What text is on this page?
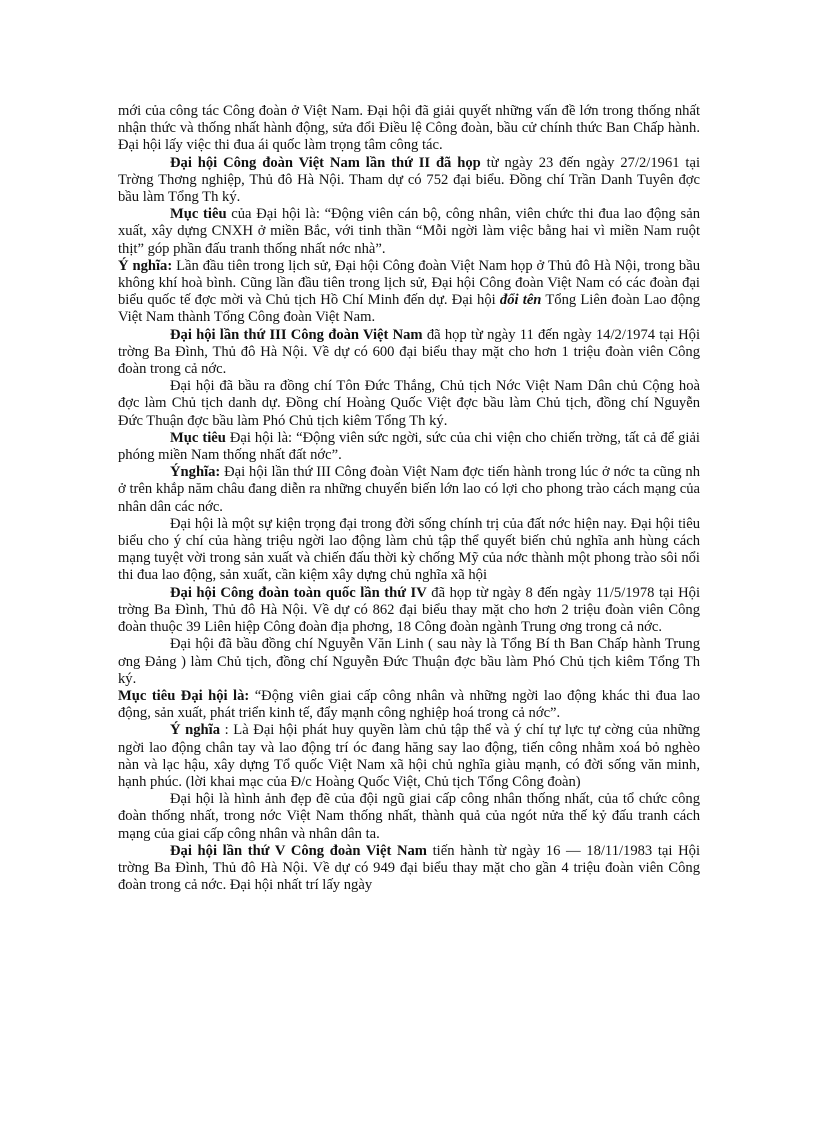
mới của công tác Công đoàn ở Việt Nam. Đại hội đã giải quyết những vấn đề lớn trong thống nhất nhận thức và thống nhất hành động, sửa đổi Điều lệ Công đoàn, bầu cử chính thức Ban Chấp hành. Đại hội lấy việc thi đua ái quốc làm trọng tâm công tác.

Đại hội Công đoàn Việt Nam lần thứ II đã họp từ ngày 23 đến ngày 27/2/1961 tại Trờng Thơng nghiệp, Thủ đô Hà Nội. Tham dự có 752 đại biểu. Đồng chí Trần Danh Tuyên đợc bầu làm Tổng Th ký.

Mục tiêu của Đại hội là: “Động viên cán bộ, công nhân, viên chức thi đua lao động sản xuất, xây dựng CNXH ở miền Bắc, với tinh thần “Mỗi ngời làm việc bằng hai vì miền Nam ruột thịt” góp phần đấu tranh thống nhất nớc nhà”.

Ý nghĩa: Lần đầu tiên trong lịch sử, Đại hội Công đoàn Việt Nam họp ở Thủ đô Hà Nội, trong bầu không khí hoà bình. Cũng lần đầu tiên trong lịch sử, Đại hội Công đoàn Việt Nam có các đoàn đại biểu quốc tế đợc mời và Chủ tịch Hồ Chí Minh đến dự. Đại hội đổi tên Tổng Liên đoàn Lao động Việt Nam thành Tổng Công đoàn Việt Nam.

Đại hội lần thứ III Công đoàn Việt Nam đã họp từ ngày 11 đến ngày 14/2/1974 tại Hội trờng Ba Đình, Thủ đô Hà Nội. Về dự có 600 đại biểu thay mặt cho hơn 1 triệu đoàn viên Công đoàn trong cả nớc.

Đại hội đã bầu ra đồng chí Tôn Đức Thắng, Chủ tịch Nớc Việt Nam Dân chủ Cộng hoà đợc làm Chủ tịch danh dự. Đồng chí Hoàng Quốc Việt đợc bầu làm Chủ tịch, đồng chí Nguyễn Đức Thuận đợc bầu làm Phó Chủ tịch kiêm Tổng Th ký.

Mục tiêu Đại hội là: “Động viên sức ngời, sức của chi viện cho chiến trờng, tất cả để giải phóng miền Nam thống nhất đất nớc”.

Ýnghĩa: Đại hội lần thứ III Công đoàn Việt Nam đợc tiến hành trong lúc ở nớc ta cũng nh ở trên khắp năm châu đang diễn ra những chuyển biến lớn lao có lợi cho phong trào cách mạng của nhân dân các nớc.

Đại hội là một sự kiện trọng đại trong đời sống chính trị của đất nớc hiện nay. Đại hội tiêu biểu cho ý chí của hàng triệu ngời lao động làm chủ tập thể quyết biến chủ nghĩa anh hùng cách mạng tuyệt vời trong sản xuất và chiến đấu thời kỳ chống Mỹ của nớc thành một phong trào sôi nổi thi đua lao động, sản xuất, cần kiệm xây dựng chủ nghĩa xã hội

Đại hội Công đoàn toàn quốc lần thứ IV đã họp từ ngày 8 đến ngày 11/5/1978 tại Hội trờng Ba Đình, Thủ đô Hà Nội. Về dự có 862 đại biểu thay mặt cho hơn 2 triệu đoàn viên Công đoàn thuộc 39 Liên hiệp Công đoàn địa phơng, 18 Công đoàn ngành Trung ơng trong cả nớc.

Đại hội đã bầu đồng chí Nguyễn Văn Linh ( sau này là Tổng Bí th Ban Chấp hành Trung ơng Đảng ) làm Chủ tịch, đồng chí Nguyễn Đức Thuận đợc bầu làm Phó Chủ tịch kiêm Tổng Th ký.

Mục tiêu Đại hội là: “Động viên giai cấp công nhân và những ngời lao động khác thi đua lao động, sản xuất, phát triển kinh tế, đẩy mạnh công nghiệp hoá trong cả nớc”.

Ý nghĩa : Là Đại hội phát huy quyền làm chủ tập thể và ý chí tự lực tự cờng của những ngời lao động chân tay và lao động trí óc đang hăng say lao động, tiến công nhằm xoá bỏ nghèo nàn và lạc hậu, xây dựng Tổ quốc Việt Nam xã hội chủ nghĩa giàu mạnh, có đời sống văn minh, hạnh phúc. (lời khai mạc của Đ/c Hoàng Quốc Việt, Chủ tịch Tổng Công đoàn)

Đại hội là hình ảnh đẹp đẽ của đội ngũ giai cấp công nhân thống nhất, của tổ chức công đoàn thống nhất, trong nớc Việt Nam thống nhất, thành quả của ngót nửa thế kỷ đấu tranh cách mạng của giai cấp công nhân và nhân dân ta.

Đại hội lần thứ V Công đoàn Việt Nam tiến hành từ ngày 16 — 18/11/1983 tại Hội trờng Ba Đình, Thủ đô Hà Nội. Về dự có 949 đại biểu thay mặt cho gần 4 triệu đoàn viên Công đoàn trong cả nớc. Đại hội nhất trí lấy ngày
